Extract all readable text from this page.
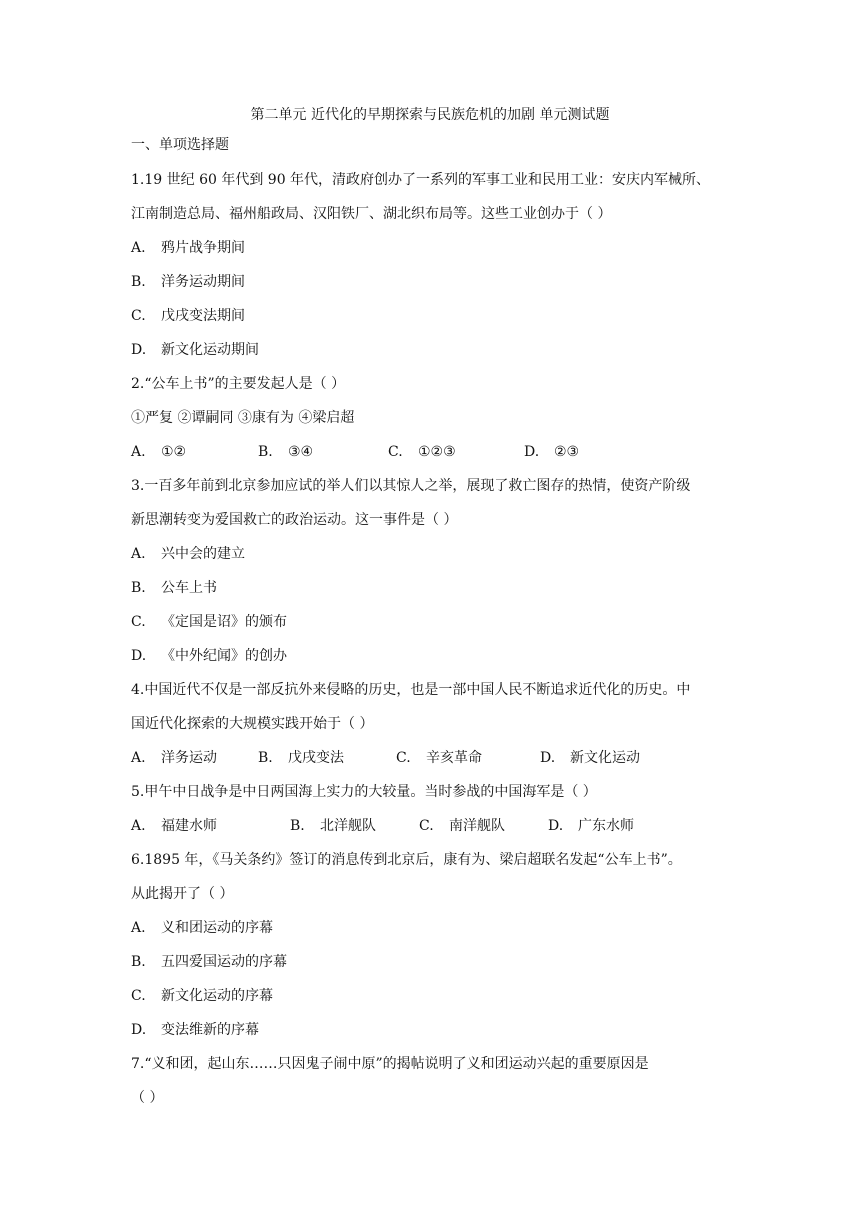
第二单元 近代化的早期探索与民族危机的加剧 单元测试题
一、单项选择题
1.19 世纪 60 年代到 90 年代，清政府创办了一系列的军事工业和民用工业：安庆内军械所、
江南制造总局、福州船政局、汉阳铁厂、湖北织布局等。这些工业创办于（ ）
A. 鸦片战争期间
B. 洋务运动期间
C. 戊戌变法期间
D. 新文化运动期间
2.“公车上书”的主要发起人是（ ）
①严复 ②谭嗣同 ③康有为 ④梁启超
A. ①②	B. ③④	C. ①②③	D. ②③
3.一百多年前到北京参加应试的举人们以其惊人之举，展现了救亡图存的热情，使资产阶级
新思潮转变为爱国救亡的政治运动。这一事件是（ ）
A. 兴中会的建立
B. 公车上书
C. 《定国是诏》的颁布
D. 《中外纪闻》的创办
4.中国近代不仅是一部反抗外来侵略的历史，也是一部中国人民不断追求近代化的历史。中
国近代化探索的大规模实践开始于（ ）
A. 洋务运动	B. 戊戌变法	C. 辛亥革命	D. 新文化运动
5.甲午中日战争是中日两国海上实力的大较量。当时参战的中国海军是（ ）
A. 福建水师	B. 北洋舰队	C. 南洋舰队	D. 广东水师
6.1895 年，《马关条约》签订的消息传到北京后，康有为、梁启超联名发起“公车上书”。
从此揭开了（ ）
A. 义和团运动的序幕
B. 五四爱国运动的序幕
C. 新文化运动的序幕
D. 变法维新的序幕
7.“义和团，起山东……只因鬼子闹中原”的揭帖说明了义和团运动兴起的重要原因是
（ ）
